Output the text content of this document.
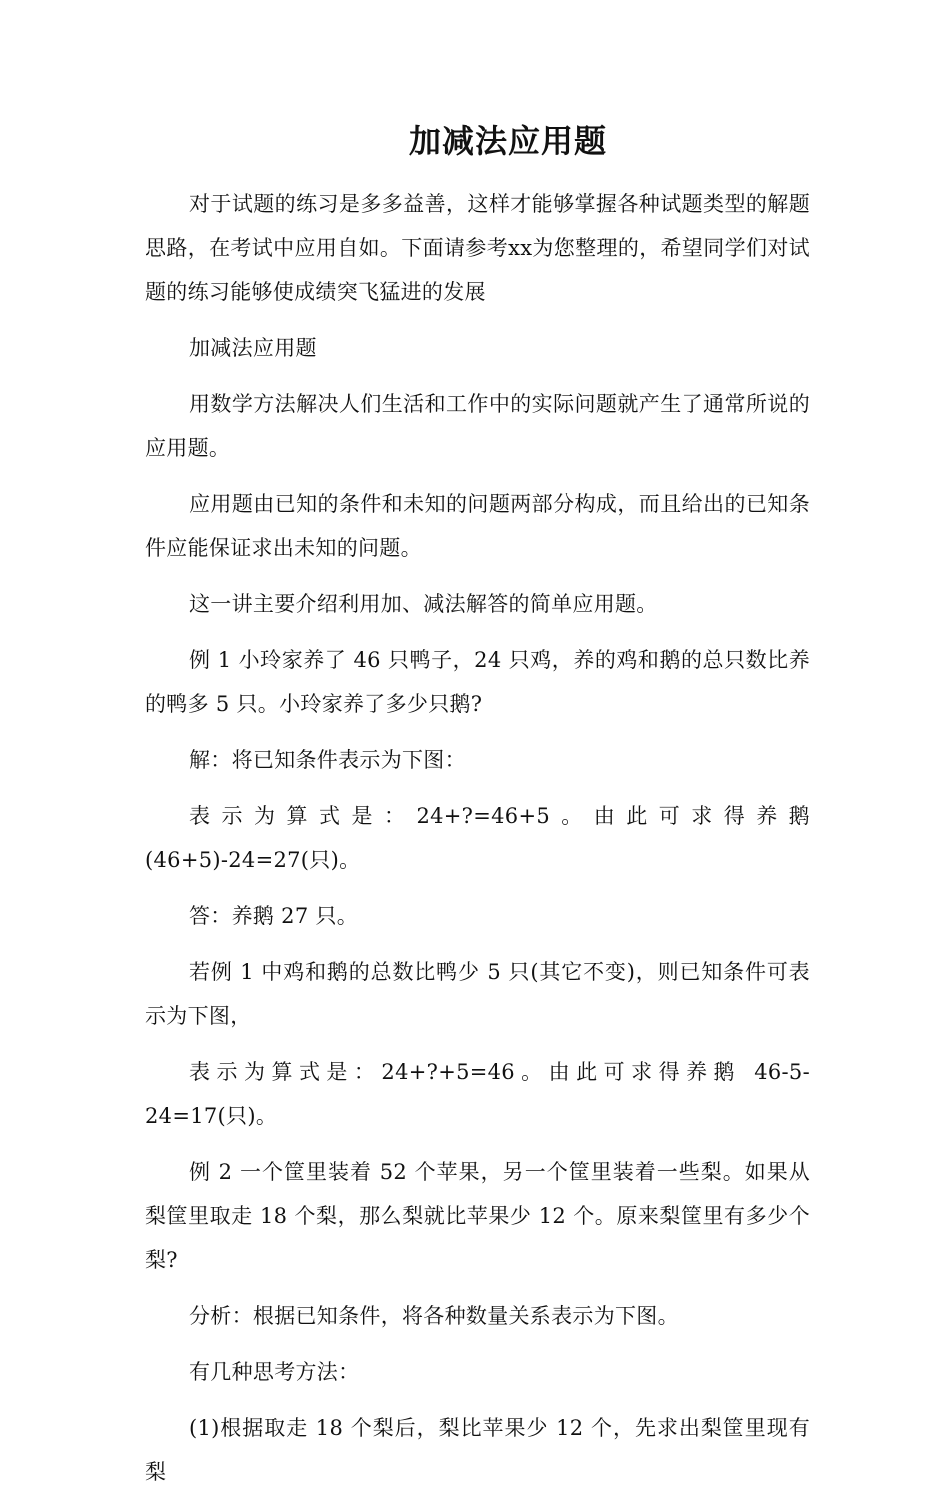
加减法应用题

对于试题的练习是多多益善，这样才能够掌握各种试题类型的解题思路，在考试中应用自如。下面请参考xx为您整理的，希望同学们对试题的练习能够使成绩突飞猛进的发展

加减法应用题

用数学方法解决人们生活和工作中的实际问题就产生了通常所说的应用题。

应用题由已知的条件和未知的问题两部分构成，而且给出的已知条件应能保证求出未知的问题。

这一讲主要介绍利用加、减法解答的简单应用题。

例 1 小玲家养了 46 只鸭子，24 只鸡，养的鸡和鹅的总只数比养的鸭多 5 只。小玲家养了多少只鹅?

解：将已知条件表示为下图：

表示为算式是：24+?=46+5。由此可求得养鹅(46+5)-24=27(只)。

答：养鹅 27 只。

若例 1 中鸡和鹅的总数比鸭少 5 只(其它不变)，则已知条件可表示为下图，

表示为算式是：24+?+5=46。由此可求得养鹅 46-5-24=17(只)。

例 2 一个筐里装着 52 个苹果，另一个筐里装着一些梨。如果从梨筐里取走 18 个梨，那么梨就比苹果少 12 个。原来梨筐里有多少个梨?

分析：根据已知条件，将各种数量关系表示为下图。

有几种思考方法：

(1)根据取走 18 个梨后，梨比苹果少 12 个，先求出梨筐里现有梨
